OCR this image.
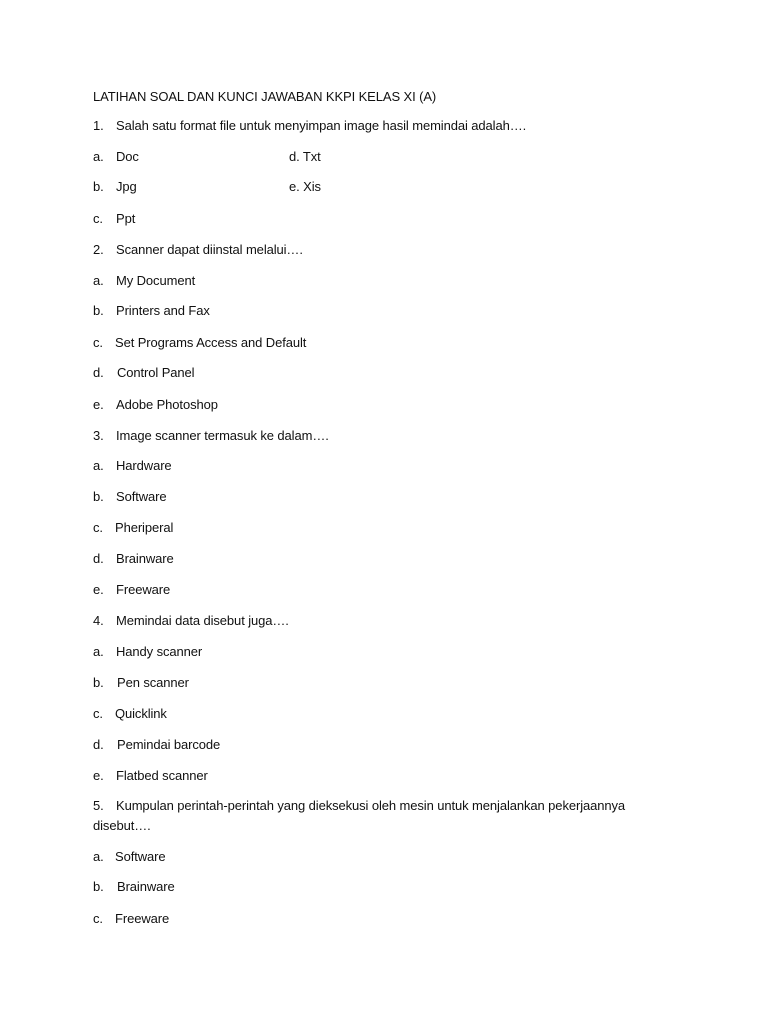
LATIHAN SOAL DAN KUNCI JAWABAN KKPI KELAS XI (A)
1. Salah satu format file untuk menyimpan image hasil memindai adalah….
a. Doc	d. Txt
b. Jpg	e. Xis
c. Ppt
2. Scanner dapat diinstal melalui….
a. My Document
b. Printers and Fax
c. Set Programs Access and Default
d. Control Panel
e. Adobe Photoshop
3. Image scanner termasuk ke dalam….
a. Hardware
b. Software
c. Pheriperal
d. Brainware
e. Freeware
4. Memindai data disebut juga….
a. Handy scanner
b. Pen scanner
c. Quicklink
d. Pemindai barcode
e. Flatbed scanner
5. Kumpulan perintah-perintah yang dieksekusi oleh mesin untuk menjalankan pekerjaannya disebut….
a. Software
b. Brainware
c. Freeware
